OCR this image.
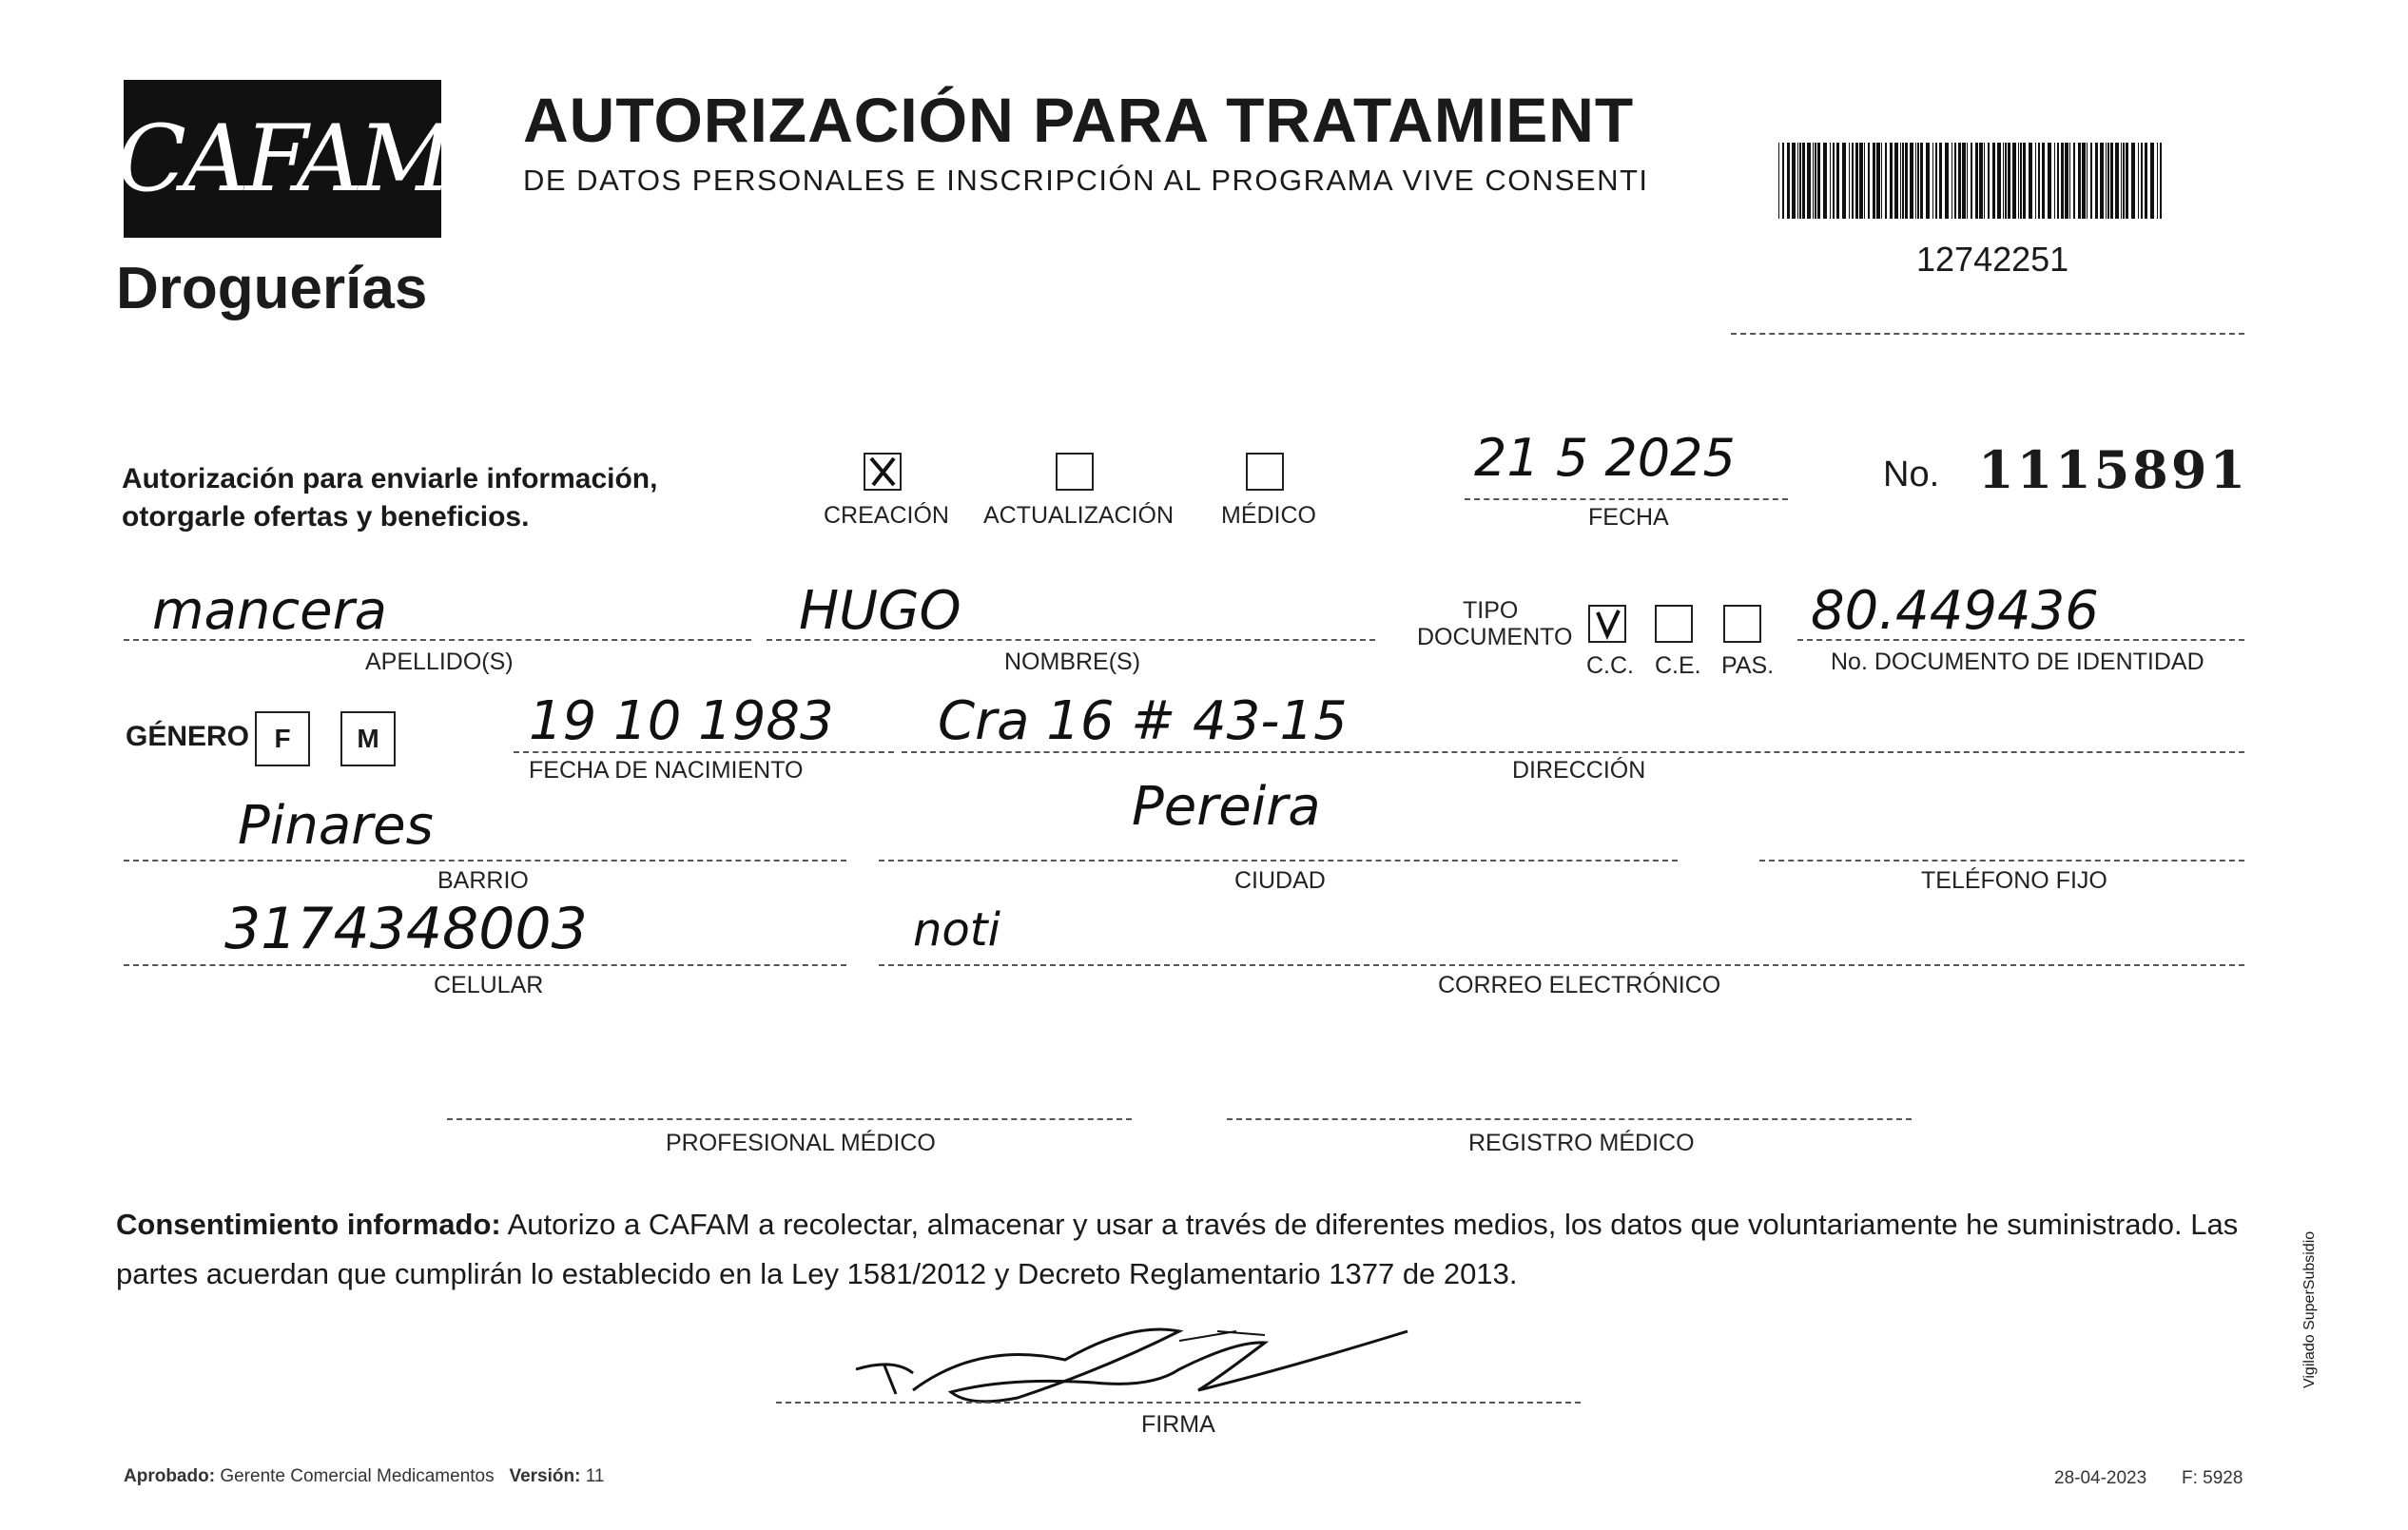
CAFAM
Droguerías
AUTORIZACIÓN PARA TRATAMIENT
DE DATOS PERSONALES E INSCRIPCIÓN AL PROGRAMA VIVE CONSENTI
12742251
Autorización para enviarle información,
otorgarle ofertas y beneficios.	CREACIÓN ACTUALIZACIÓN MÉDICO
21 5 2025
FECHA
No. 1115891
mancera
APELLIDO(S)
HUGO
NOMBRE(S)
TIPO
DOCUMENTO
C.C. C.E. PAS.
80.449436
No. DOCUMENTO DE IDENTIDAD
GÉNERO F M	19 10 1983
FECHA DE NACIMIENTO
Cra 16 # 43-15
DIRECCIÓN
Pinares
BARRIO
Pereira
CIUDAD	TELÉFONO FIJO
3174348003
CELULAR
noti
CORREO ELECTRÓNICO
PROFESIONAL MÉDICO	REGISTRO MÉDICO
Consentimiento informado: Autorizo a CAFAM a recolectar, almacenar y usar a través de diferentes medios, los datos que voluntariamente he suministrado. Las partes acuerdan que cumplirán lo establecido en la Ley 1581/2012 y Decreto Reglamentario 1377 de 2013.
FIRMA
Aprobado: Gerente Comercial Medicamentos Versión: 11	28-04-2023 F: 5928
Vigilado SuperSubsidio
